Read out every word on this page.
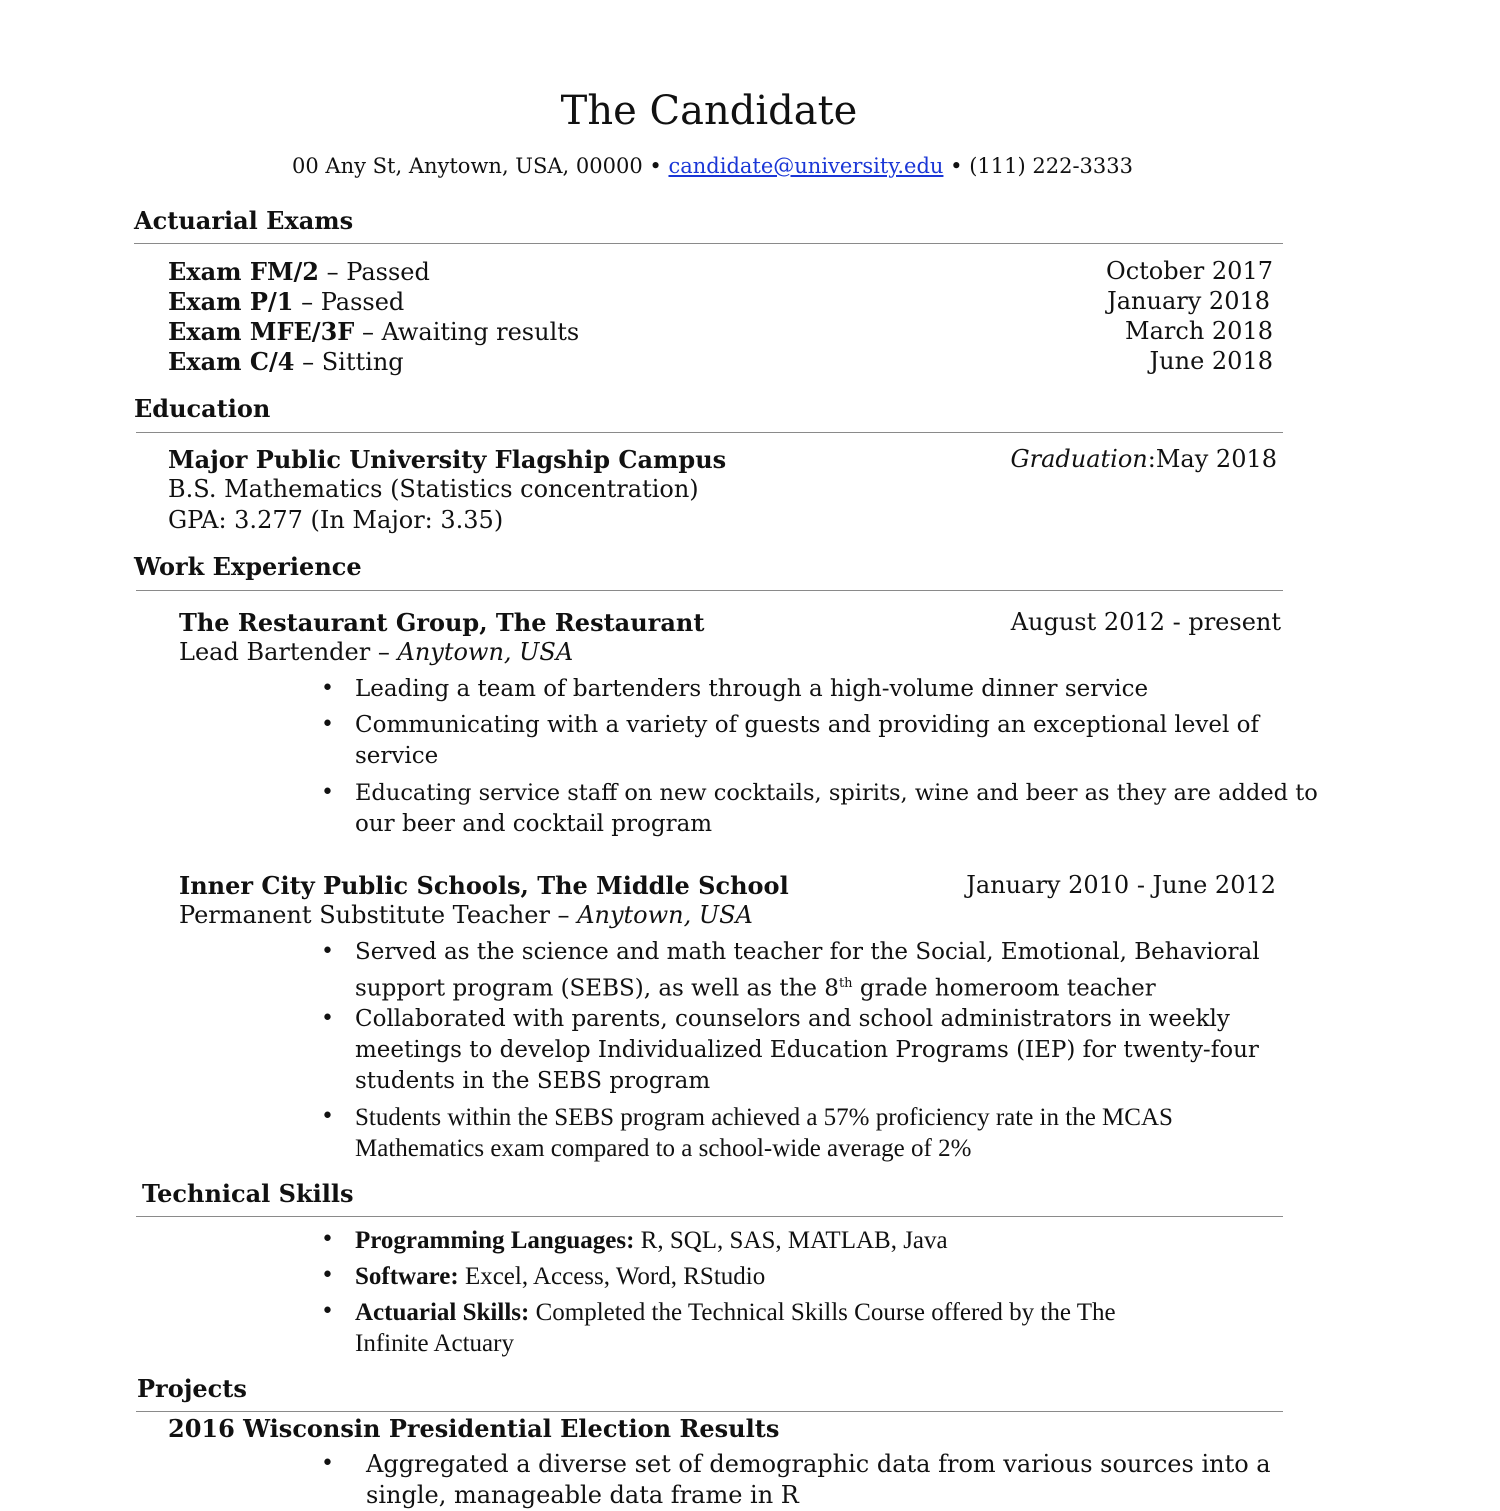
The Candidate
00 Any St, Anytown, USA, 00000 • candidate@university.edu • (111) 222-3333
Actuarial Exams
Exam FM/2 – Passed	October 2017
Exam P/1 – Passed	January 2018
Exam MFE/3F – Awaiting results	March 2018
Exam C/4 – Sitting	June 2018
Education
Major Public University Flagship Campus	Graduation:May 2018
B.S. Mathematics (Statistics concentration)
GPA: 3.277 (In Major: 3.35)
Work Experience
The Restaurant Group, The Restaurant	August 2012 - present
Lead Bartender – Anytown, USA
• Leading a team of bartenders through a high-volume dinner service
• Communicating with a variety of guests and providing an exceptional level of
service
• Educating service staff on new cocktails, spirits, wine and beer as they are added to
our beer and cocktail program
Inner City Public Schools, The Middle School	January 2010 - June 2012
Permanent Substitute Teacher – Anytown, USA
• Served as the science and math teacher for the Social, Emotional, Behavioral
support program (SEBS), as well as the 8th grade homeroom teacher
• Collaborated with parents, counselors and school administrators in weekly
meetings to develop Individualized Education Programs (IEP) for twenty-four
students in the SEBS program
• Students within the SEBS program achieved a 57% proficiency rate in the MCAS
Mathematics exam compared to a school-wide average of 2%
Technical Skills
• Programming Languages: R, SQL, SAS, MATLAB, Java
• Software: Excel, Access, Word, RStudio
• Actuarial Skills: Completed the Technical Skills Course offered by the The
Infinite Actuary
Projects
2016 Wisconsin Presidential Election Results
• Aggregated a diverse set of demographic data from various sources into a
single, manageable data frame in R
